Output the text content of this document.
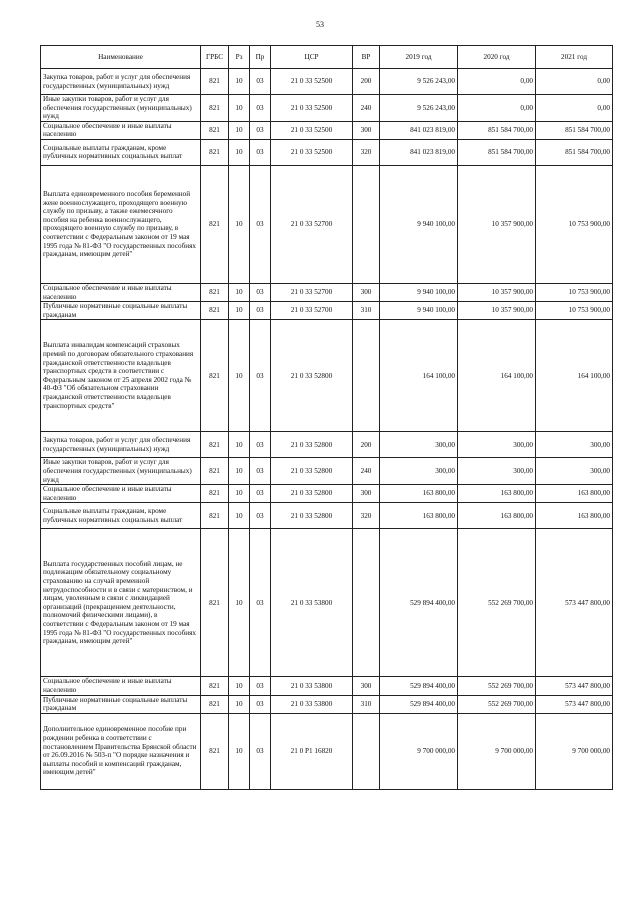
53
Наименование	ГРБС	Рз	Пр	ЦСР	ВР	2019 год	2020 год	2021 год
Закупка товаров, работ и услуг для обеспечения государственных (муниципальных) нужд	821	10	03	21 0 33 52500	200	9 526 243,00	0,00	0,00
Иные закупки товаров, работ и услуг для обеспечения государственных (муниципальных) нужд	821	10	03	21 0 33 52500	240	9 526 243,00	0,00	0,00
Социальное обеспечение и иные выплаты населению	821	10	03	21 0 33 52500	300	841 023 819,00	851 584 700,00	851 584 700,00
Социальные выплаты гражданам, кроме публичных нормативных социальных выплат	821	10	03	21 0 33 52500	320	841 023 819,00	851 584 700,00	851 584 700,00
Выплата единовременного пособия беременной жене военнослужащего, проходящего военную службу по призыву, а также ежемесячного пособия на ребенка военнослужащего, проходящего военную службу по призыву, в соответствии с Федеральным законом от 19 мая 1995 года № 81-ФЗ "О государственных пособиях гражданам, имеющим детей"	821	10	03	21 0 33 52700		9 940 100,00	10 357 900,00	10 753 900,00
Социальное обеспечение и иные выплаты населению	821	10	03	21 0 33 52700	300	9 940 100,00	10 357 900,00	10 753 900,00
Публичные нормативные социальные выплаты гражданам	821	10	03	21 0 33 52700	310	9 940 100,00	10 357 900,00	10 753 900,00
Выплата инвалидам компенсаций страховых премий по договорам обязательного страхования гражданской ответственности владельцев транспортных средств в соответствии с Федеральным законом от 25 апреля 2002 года № 40-ФЗ "Об обязательном страховании гражданской ответственности владельцев транспортных средств"	821	10	03	21 0 33 52800		164 100,00	164 100,00	164 100,00
Закупка товаров, работ и услуг для обеспечения государственных (муниципальных) нужд	821	10	03	21 0 33 52800	200	300,00	300,00	300,00
Иные закупки товаров, работ и услуг для обеспечения государственных (муниципальных) нужд	821	10	03	21 0 33 52800	240	300,00	300,00	300,00
Социальное обеспечение и иные выплаты населению	821	10	03	21 0 33 52800	300	163 800,00	163 800,00	163 800,00
Социальные выплаты гражданам, кроме публичных нормативных социальных выплат	821	10	03	21 0 33 52800	320	163 800,00	163 800,00	163 800,00
Выплата государственных пособий лицам, не подлежащим обязательному социальному страхованию на случай временной нетрудоспособности и в связи с материнством, и лицам, уволенным в связи с ликвидацией организаций (прекращением деятельности, полномочий физическими лицами), в соответствии с Федеральным законом от 19 мая 1995 года № 81-ФЗ "О государственных пособиях гражданам, имеющим детей"	821	10	03	21 0 33 53800		529 894 400,00	552 269 700,00	573 447 800,00
Социальное обеспечение и иные выплаты населению	821	10	03	21 0 33 53800	300	529 894 400,00	552 269 700,00	573 447 800,00
Публичные нормативные социальные выплаты гражданам	821	10	03	21 0 33 53800	310	529 894 400,00	552 269 700,00	573 447 800,00
Дополнительное единовременное пособие при рождении ребенка в соответствии с постановлением Правительства Брянской области от 26.09.2016 № 503-п "О порядке назначения и выплаты пособий и компенсаций гражданам, имеющим детей"	821	10	03	21 0 P1 16820		9 700 000,00	9 700 000,00	9 700 000,00
